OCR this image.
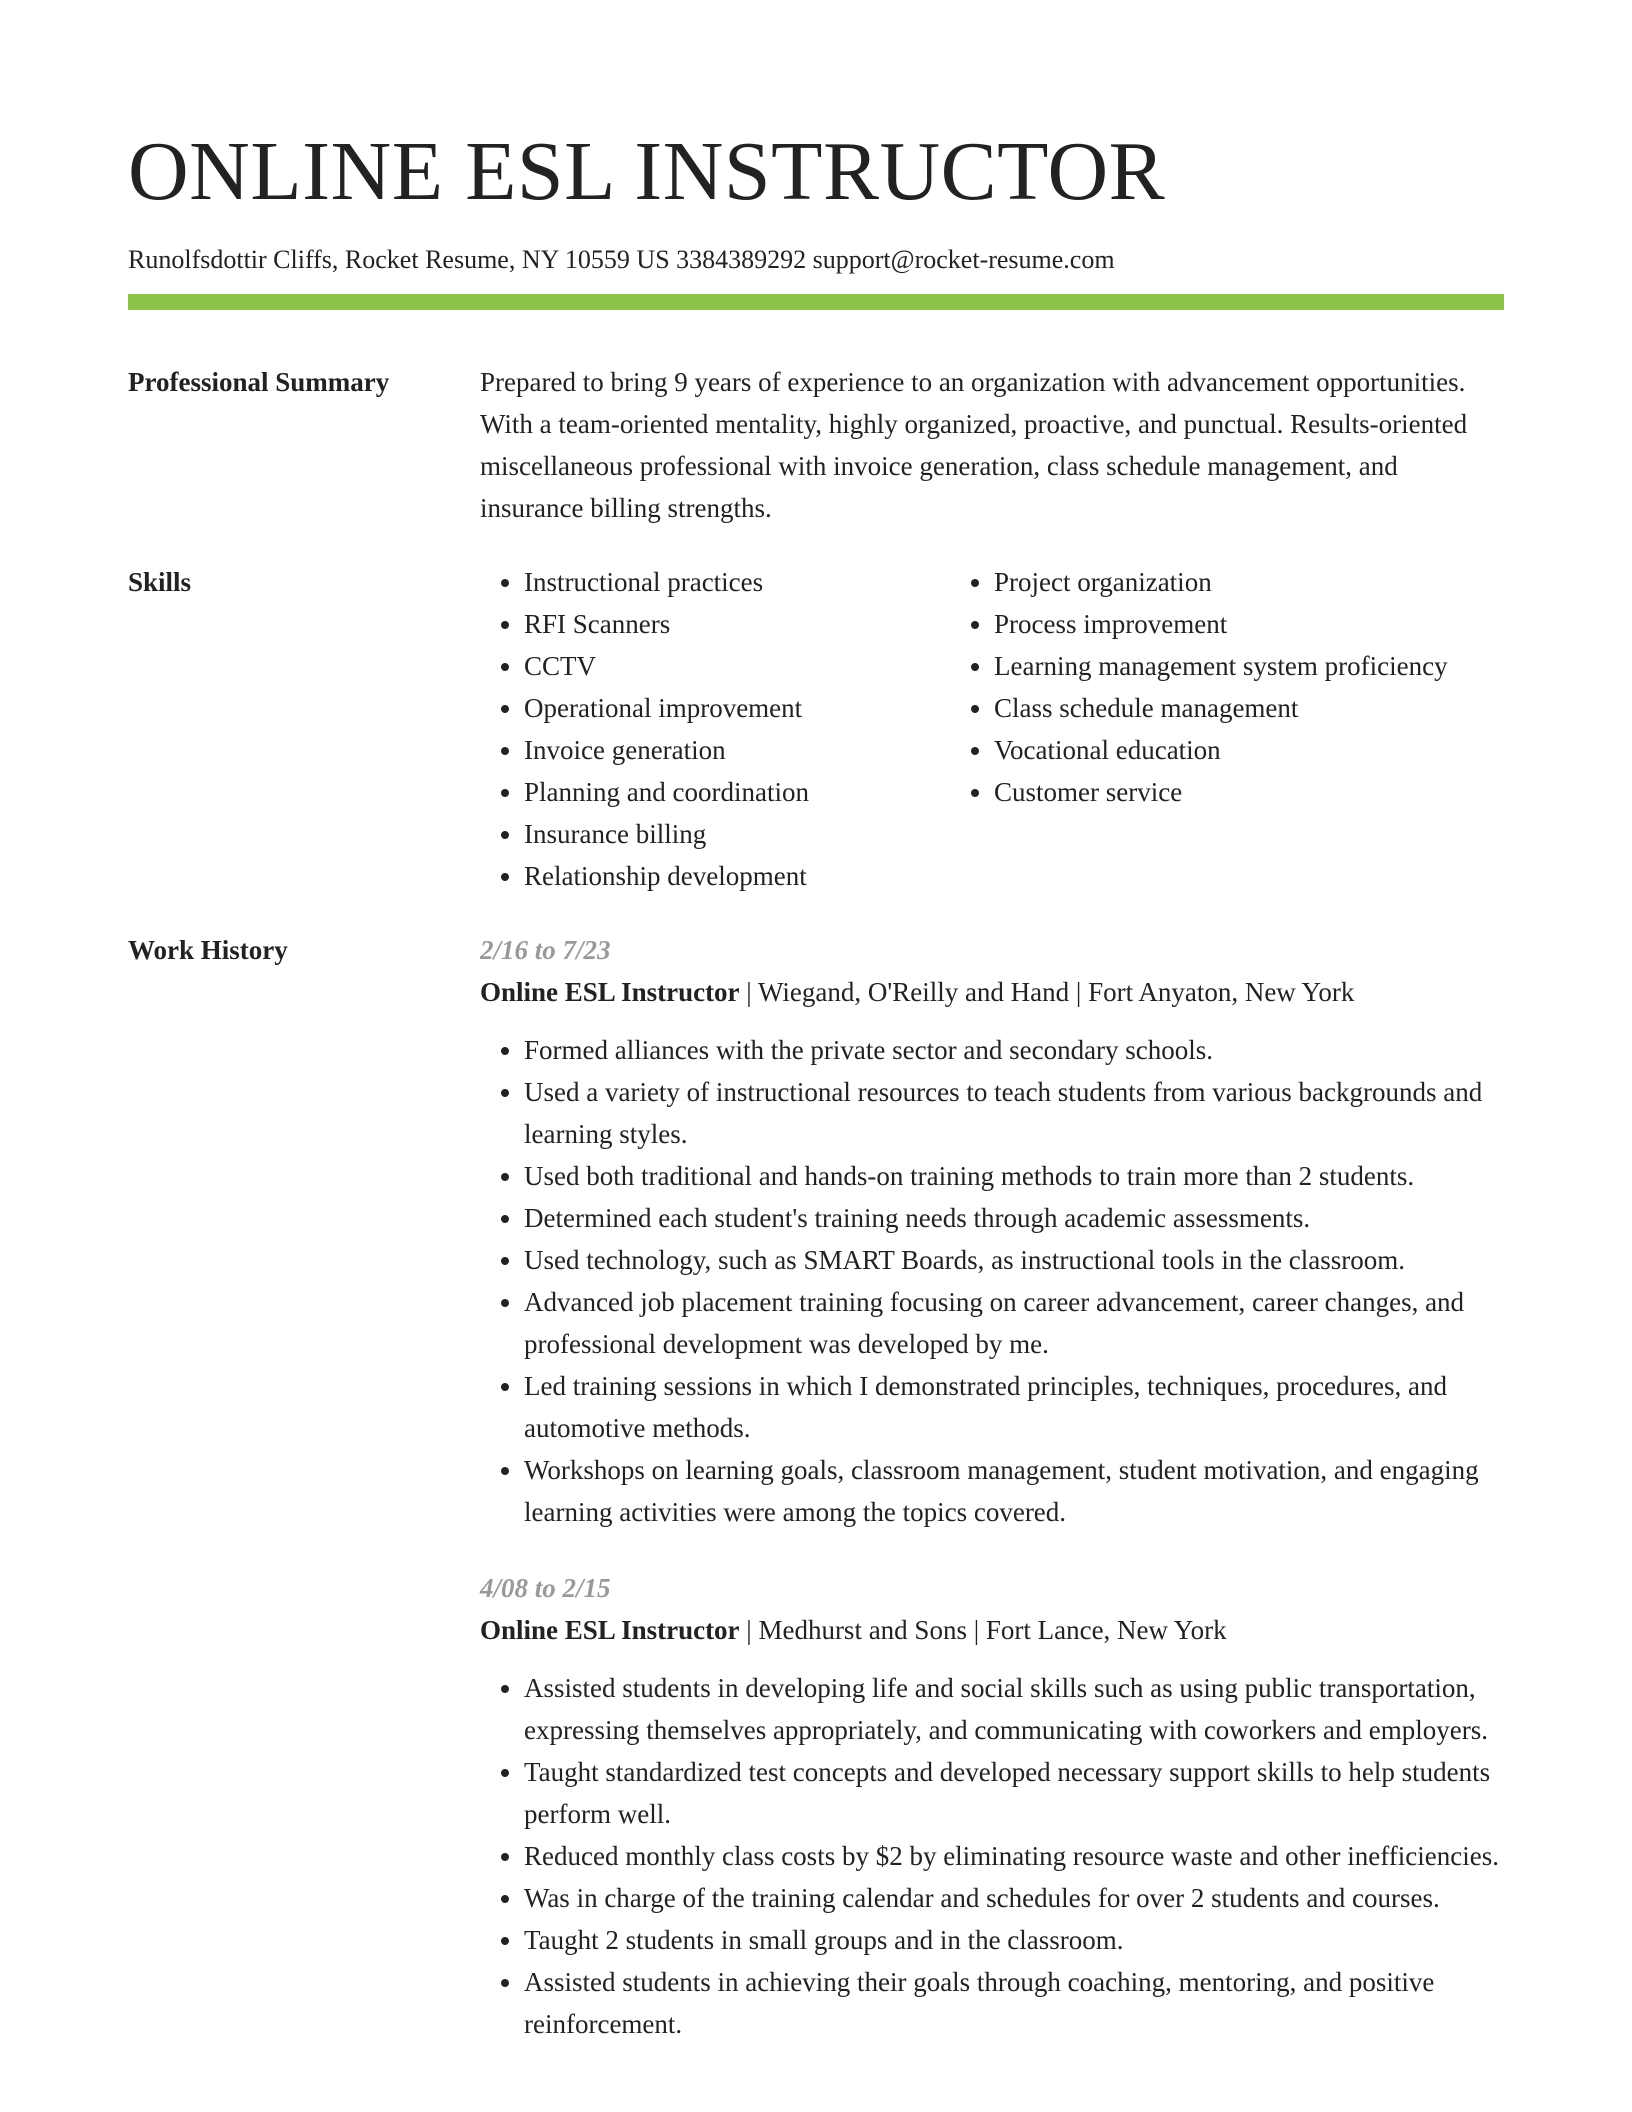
ONLINE ESL INSTRUCTOR
Runolfsdottir Cliffs, Rocket Resume, NY 10559 US 3384389292 support@rocket-resume.com
Professional Summary	Prepared to bring 9 years of experience to an organization with advancement opportunities. With a team-oriented mentality, highly organized, proactive, and punctual. Results-oriented miscellaneous professional with invoice generation, class schedule management, and insurance billing strengths.
Skills
•	Instructional practices
• RFI Scanners
• CCTV
• Operational improvement
• Invoice generation
• Planning and coordination
• Insurance billing
• Relationship development
• Project organization
• Process improvement
• Learning management system proficiency
• Class schedule management
• Vocational education
• Customer service
Work History	2/16 to 7/23
Online ESL Instructor | Wiegand, O'Reilly and Hand | Fort Anyaton, New York
• Formed alliances with the private sector and secondary schools.
• Used a variety of instructional resources to teach students from various backgrounds and learning styles.
• Used both traditional and hands-on training methods to train more than 2 students.
• Determined each student's training needs through academic assessments.
• Used technology, such as SMART Boards, as instructional tools in the classroom.
• Advanced job placement training focusing on career advancement, career changes, and professional development was developed by me.
• Led training sessions in which I demonstrated principles, techniques, procedures, and automotive methods.
• Workshops on learning goals, classroom management, student motivation, and engaging learning activities were among the topics covered.
4/08 to 2/15
Online ESL Instructor | Medhurst and Sons | Fort Lance, New York
• Assisted students in developing life and social skills such as using public transportation, expressing themselves appropriately, and communicating with coworkers and employers.
• Taught standardized test concepts and developed necessary support skills to help students perform well.
• Reduced monthly class costs by $2 by eliminating resource waste and other inefficiencies.
• Was in charge of the training calendar and schedules for over 2 students and courses.
• Taught 2 students in small groups and in the classroom.
• Assisted students in achieving their goals through coaching, mentoring, and positive reinforcement.
